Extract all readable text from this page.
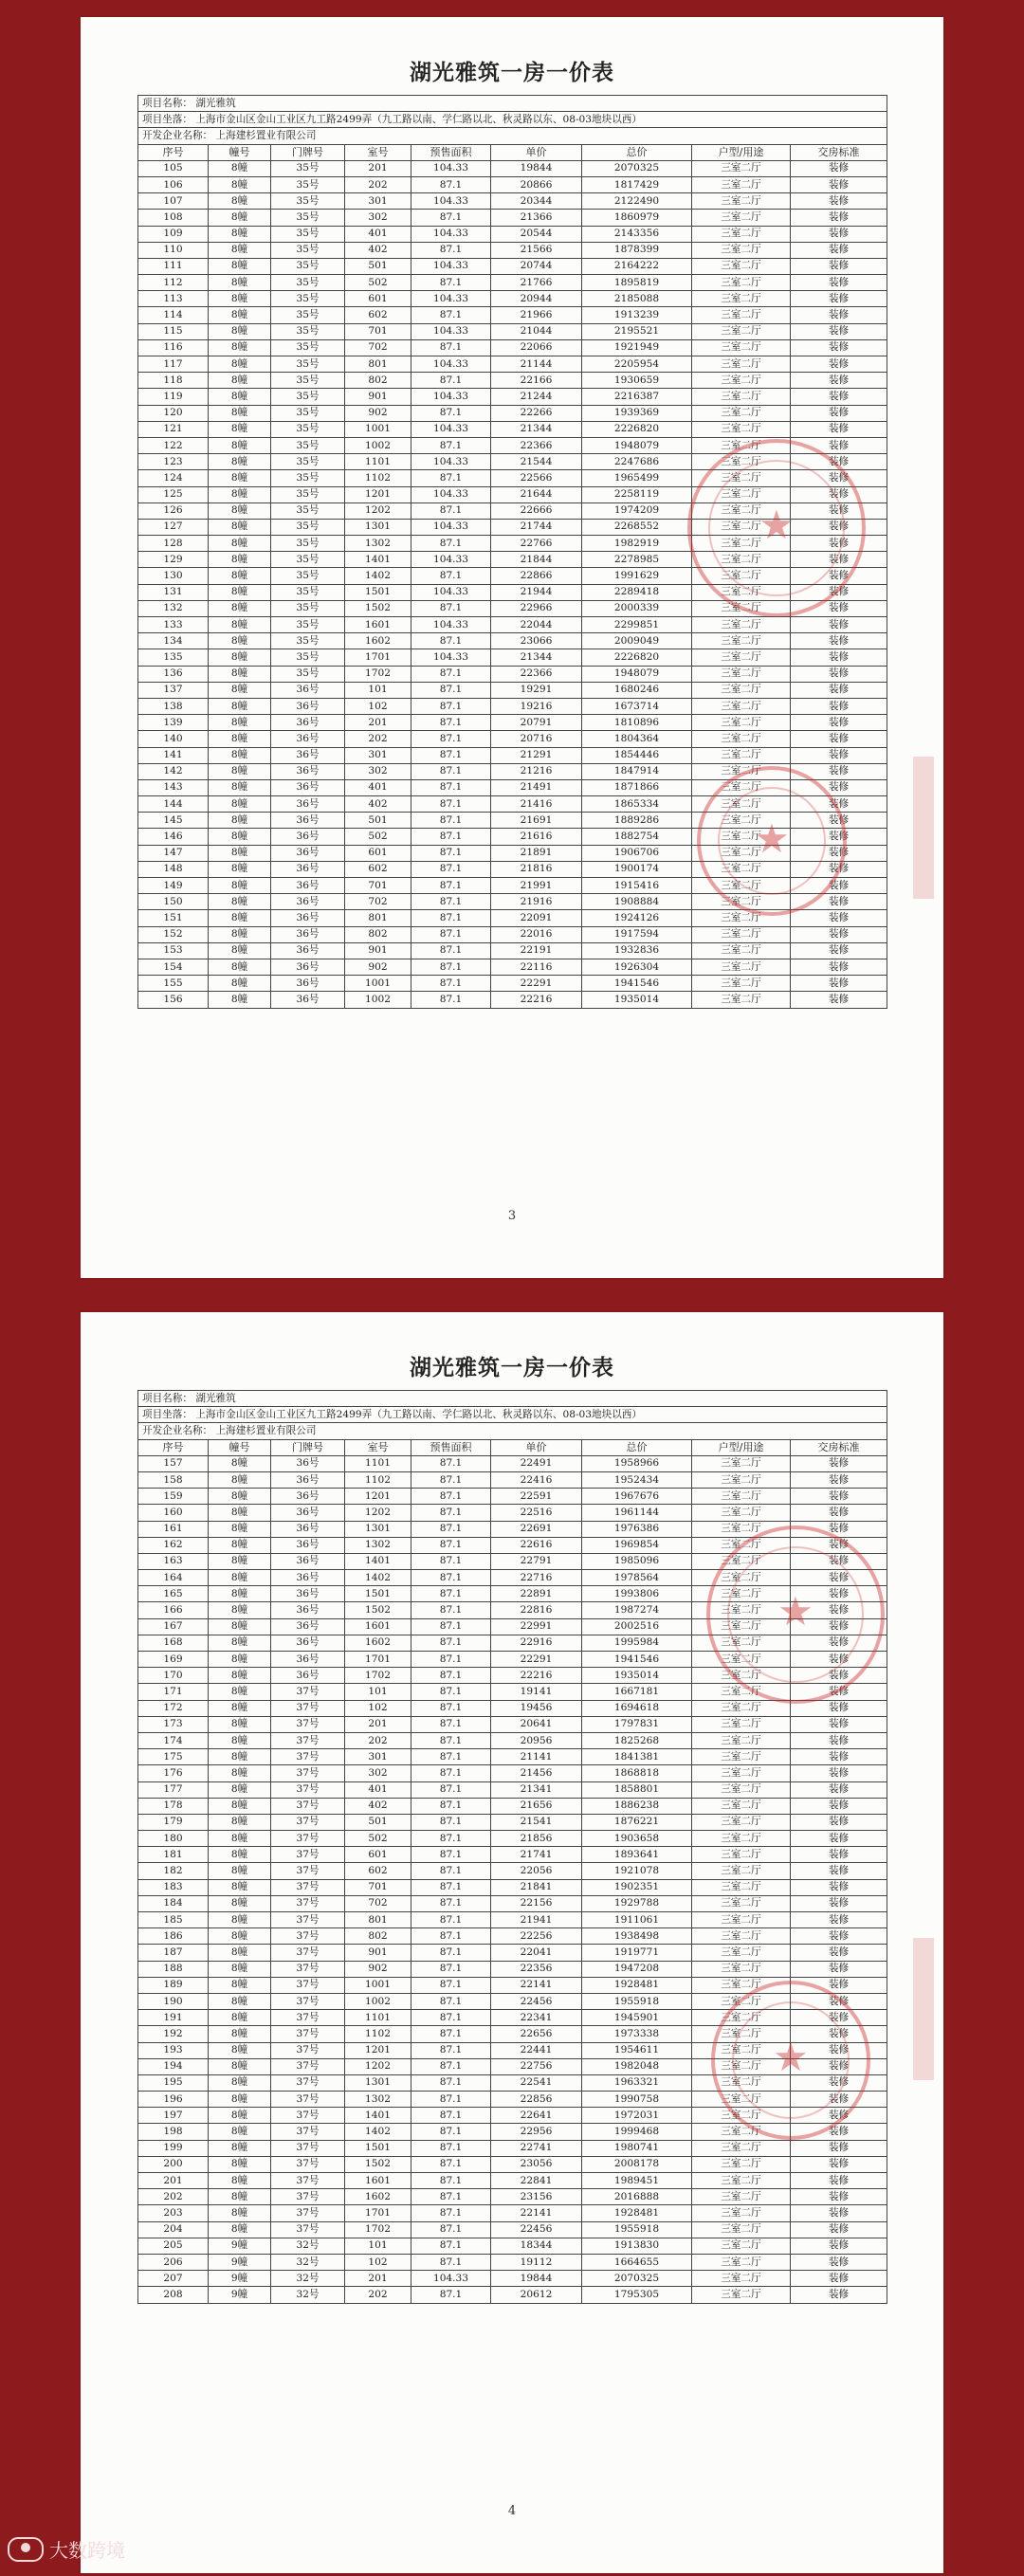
湖光雅筑一房一价表
项目名称： 湖光雅筑								
项目坐落： 上海市金山区金山工业区九工路2499弄（九工路以南、学仁路以北、秋灵路以东、08-03地块以西）								
开发企业名称： 上海建杉置业有限公司								
序号	幢号	门牌号	室号	预售面积	单价	总价	户型/用途	交房标准
105	8幢	35号	201	104.33	19844	2070325	三室二厅	装修
106	8幢	35号	202	87.1	20866	1817429	三室二厅	装修
107	8幢	35号	301	104.33	20344	2122490	三室二厅	装修
108	8幢	35号	302	87.1	21366	1860979	三室二厅	装修
109	8幢	35号	401	104.33	20544	2143356	三室二厅	装修
110	8幢	35号	402	87.1	21566	1878399	三室二厅	装修
111	8幢	35号	501	104.33	20744	2164222	三室二厅	装修
112	8幢	35号	502	87.1	21766	1895819	三室二厅	装修
113	8幢	35号	601	104.33	20944	2185088	三室二厅	装修
114	8幢	35号	602	87.1	21966	1913239	三室二厅	装修
115	8幢	35号	701	104.33	21044	2195521	三室二厅	装修
116	8幢	35号	702	87.1	22066	1921949	三室二厅	装修
117	8幢	35号	801	104.33	21144	2205954	三室二厅	装修
118	8幢	35号	802	87.1	22166	1930659	三室二厅	装修
119	8幢	35号	901	104.33	21244	2216387	三室二厅	装修
120	8幢	35号	902	87.1	22266	1939369	三室二厅	装修
121	8幢	35号	1001	104.33	21344	2226820	三室二厅	装修
122	8幢	35号	1002	87.1	22366	1948079	三室二厅	装修
123	8幢	35号	1101	104.33	21544	2247686	三室二厅	装修
124	8幢	35号	1102	87.1	22566	1965499	三室二厅	装修
125	8幢	35号	1201	104.33	21644	2258119	三室二厅	装修
126	8幢	35号	1202	87.1	22666	1974209	三室二厅	装修
127	8幢	35号	1301	104.33	21744	2268552	三室二厅	装修
128	8幢	35号	1302	87.1	22766	1982919	三室二厅	装修
129	8幢	35号	1401	104.33	21844	2278985	三室二厅	装修
130	8幢	35号	1402	87.1	22866	1991629	三室二厅	装修
131	8幢	35号	1501	104.33	21944	2289418	三室二厅	装修
132	8幢	35号	1502	87.1	22966	2000339	三室二厅	装修
133	8幢	35号	1601	104.33	22044	2299851	三室二厅	装修
134	8幢	35号	1602	87.1	23066	2009049	三室二厅	装修
135	8幢	35号	1701	104.33	21344	2226820	三室二厅	装修
136	8幢	35号	1702	87.1	22366	1948079	三室二厅	装修
137	8幢	36号	101	87.1	19291	1680246	三室二厅	装修
138	8幢	36号	102	87.1	19216	1673714	三室二厅	装修
139	8幢	36号	201	87.1	20791	1810896	三室二厅	装修
140	8幢	36号	202	87.1	20716	1804364	三室二厅	装修
141	8幢	36号	301	87.1	21291	1854446	三室二厅	装修
142	8幢	36号	302	87.1	21216	1847914	三室二厅	装修
143	8幢	36号	401	87.1	21491	1871866	三室二厅	装修
144	8幢	36号	402	87.1	21416	1865334	三室二厅	装修
145	8幢	36号	501	87.1	21691	1889286	三室二厅	装修
146	8幢	36号	502	87.1	21616	1882754	三室二厅	装修
147	8幢	36号	601	87.1	21891	1906706	三室二厅	装修
148	8幢	36号	602	87.1	21816	1900174	三室二厅	装修
149	8幢	36号	701	87.1	21991	1915416	三室二厅	装修
150	8幢	36号	702	87.1	21916	1908884	三室二厅	装修
151	8幢	36号	801	87.1	22091	1924126	三室二厅	装修
152	8幢	36号	802	87.1	22016	1917594	三室二厅	装修
153	8幢	36号	901	87.1	22191	1932836	三室二厅	装修
154	8幢	36号	902	87.1	22116	1926304	三室二厅	装修
155	8幢	36号	1001	87.1	22291	1941546	三室二厅	装修
156	8幢	36号	1002	87.1	22216	1935014	三室二厅	装修
★
★
3
湖光雅筑一房一价表
项目名称： 湖光雅筑								
项目坐落： 上海市金山区金山工业区九工路2499弄（九工路以南、学仁路以北、秋灵路以东、08-03地块以西）								
开发企业名称： 上海建杉置业有限公司								
序号	幢号	门牌号	室号	预售面积	单价	总价	户型/用途	交房标准
157	8幢	36号	1101	87.1	22491	1958966	三室二厅	装修
158	8幢	36号	1102	87.1	22416	1952434	三室二厅	装修
159	8幢	36号	1201	87.1	22591	1967676	三室二厅	装修
160	8幢	36号	1202	87.1	22516	1961144	三室二厅	装修
161	8幢	36号	1301	87.1	22691	1976386	三室二厅	装修
162	8幢	36号	1302	87.1	22616	1969854	三室二厅	装修
163	8幢	36号	1401	87.1	22791	1985096	三室二厅	装修
164	8幢	36号	1402	87.1	22716	1978564	三室二厅	装修
165	8幢	36号	1501	87.1	22891	1993806	三室二厅	装修
166	8幢	36号	1502	87.1	22816	1987274	三室二厅	装修
167	8幢	36号	1601	87.1	22991	2002516	三室二厅	装修
168	8幢	36号	1602	87.1	22916	1995984	三室二厅	装修
169	8幢	36号	1701	87.1	22291	1941546	三室二厅	装修
170	8幢	36号	1702	87.1	22216	1935014	三室二厅	装修
171	8幢	37号	101	87.1	19141	1667181	三室二厅	装修
172	8幢	37号	102	87.1	19456	1694618	三室二厅	装修
173	8幢	37号	201	87.1	20641	1797831	三室二厅	装修
174	8幢	37号	202	87.1	20956	1825268	三室二厅	装修
175	8幢	37号	301	87.1	21141	1841381	三室二厅	装修
176	8幢	37号	302	87.1	21456	1868818	三室二厅	装修
177	8幢	37号	401	87.1	21341	1858801	三室二厅	装修
178	8幢	37号	402	87.1	21656	1886238	三室二厅	装修
179	8幢	37号	501	87.1	21541	1876221	三室二厅	装修
180	8幢	37号	502	87.1	21856	1903658	三室二厅	装修
181	8幢	37号	601	87.1	21741	1893641	三室二厅	装修
182	8幢	37号	602	87.1	22056	1921078	三室二厅	装修
183	8幢	37号	701	87.1	21841	1902351	三室二厅	装修
184	8幢	37号	702	87.1	22156	1929788	三室二厅	装修
185	8幢	37号	801	87.1	21941	1911061	三室二厅	装修
186	8幢	37号	802	87.1	22256	1938498	三室二厅	装修
187	8幢	37号	901	87.1	22041	1919771	三室二厅	装修
188	8幢	37号	902	87.1	22356	1947208	三室二厅	装修
189	8幢	37号	1001	87.1	22141	1928481	三室二厅	装修
190	8幢	37号	1002	87.1	22456	1955918	三室二厅	装修
191	8幢	37号	1101	87.1	22341	1945901	三室二厅	装修
192	8幢	37号	1102	87.1	22656	1973338	三室二厅	装修
193	8幢	37号	1201	87.1	22441	1954611	三室二厅	装修
194	8幢	37号	1202	87.1	22756	1982048	三室二厅	装修
195	8幢	37号	1301	87.1	22541	1963321	三室二厅	装修
196	8幢	37号	1302	87.1	22856	1990758	三室二厅	装修
197	8幢	37号	1401	87.1	22641	1972031	三室二厅	装修
198	8幢	37号	1402	87.1	22956	1999468	三室二厅	装修
199	8幢	37号	1501	87.1	22741	1980741	三室二厅	装修
200	8幢	37号	1502	87.1	23056	2008178	三室二厅	装修
201	8幢	37号	1601	87.1	22841	1989451	三室二厅	装修
202	8幢	37号	1602	87.1	23156	2016888	三室二厅	装修
203	8幢	37号	1701	87.1	22141	1928481	三室二厅	装修
204	8幢	37号	1702	87.1	22456	1955918	三室二厅	装修
205	9幢	32号	101	87.1	18344	1913830	三室二厅	装修
206	9幢	32号	102	87.1	19112	1664655	三室二厅	装修
207	9幢	32号	201	104.33	19844	2070325	三室二厅	装修
208	9幢	32号	202	87.1	20612	1795305	三室二厅	装修
★
★
4
大数跨境
